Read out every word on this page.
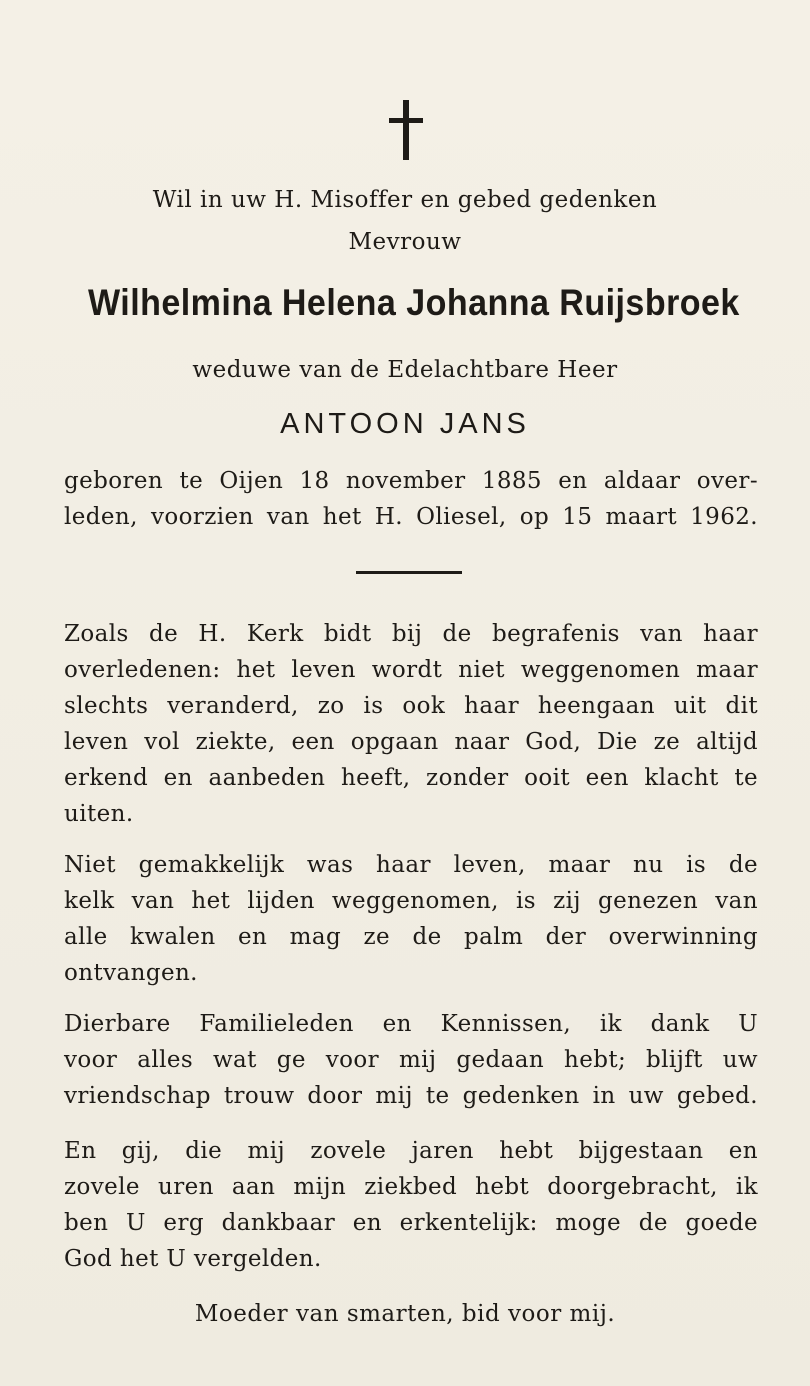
Wil in uw H. Misoffer en gebed gedenken
Mevrouw
Wilhelmina Helena Johanna Ruijsbroek
weduwe van de Edelachtbare Heer
ANTOON JANS
geboren te Oijen 18 november 1885 en aldaar over-
leden, voorzien van het H. Oliesel, op 15 maart 1962.
Zoals de H. Kerk bidt bij de begrafenis van haar
overledenen: het leven wordt niet weggenomen maar
slechts veranderd, zo is ook haar heengaan uit dit
leven vol ziekte, een opgaan naar God, Die ze altijd
erkend en aanbeden heeft, zonder ooit een klacht te
uiten.
Niet gemakkelijk was haar leven, maar nu is de
kelk van het lijden weggenomen, is zij genezen van
alle kwalen en mag ze de palm der overwinning
ontvangen.
Dierbare Familieleden en Kennissen, ik dank U
voor alles wat ge voor mij gedaan hebt; blijft uw
vriendschap trouw door mij te gedenken in uw gebed.
En gij, die mij zovele jaren hebt bijgestaan en
zovele uren aan mijn ziekbed hebt doorgebracht, ik
ben U erg dankbaar en erkentelijk: moge de goede
God het U vergelden.
Moeder van smarten, bid voor mij.
